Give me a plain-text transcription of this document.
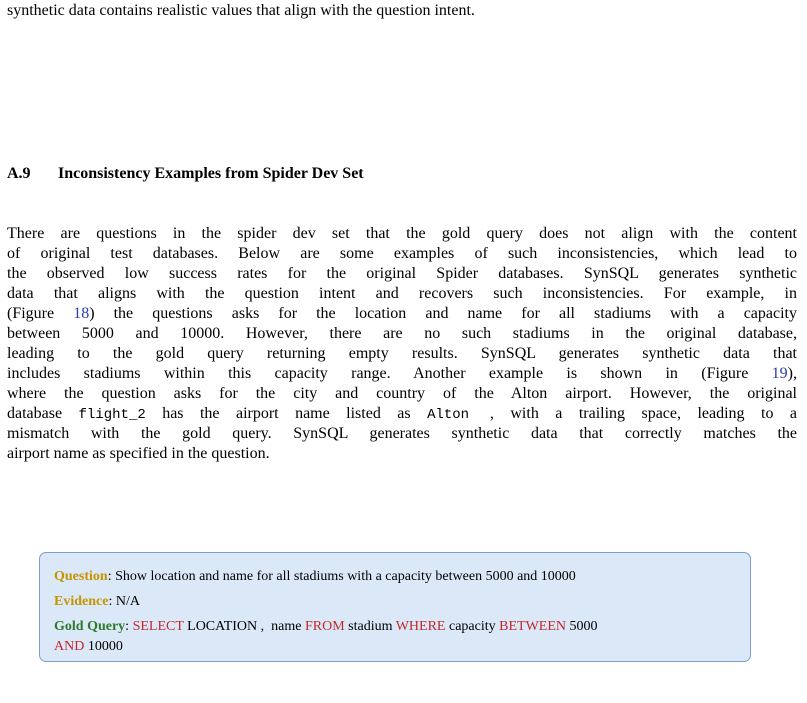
synthetic data contains realistic values that align with the question intent.
A.9 Inconsistency Examples from Spider Dev Set
There are questions in the spider dev set that the gold query does not align with the content
of original test databases. Below are some examples of such inconsistencies, which lead to
the observed low success rates for the original Spider databases. SynSQL generates synthetic
data that aligns with the question intent and recovers such inconsistencies. For example, in
(Figure 18) the questions asks for the location and name for all stadiums with a capacity
between 5000 and 10000. However, there are no such stadiums in the original database,
leading to the gold query returning empty results. SynSQL generates synthetic data that
includes stadiums within this capacity range. Another example is shown in (Figure 19),
where the question asks for the city and country of the Alton airport. However, the original
database flight_2 has the airport name listed as Alton , with a trailing space, leading to a
mismatch with the gold query. SynSQL generates synthetic data that correctly matches the
airport name as specified in the question.
Question: Show location and name for all stadiums with a capacity between 5000 and 10000
Evidence: N/A
Gold Query: SELECT LOCATION ,  name FROM stadium WHERE capacity BETWEEN 5000
AND 10000
